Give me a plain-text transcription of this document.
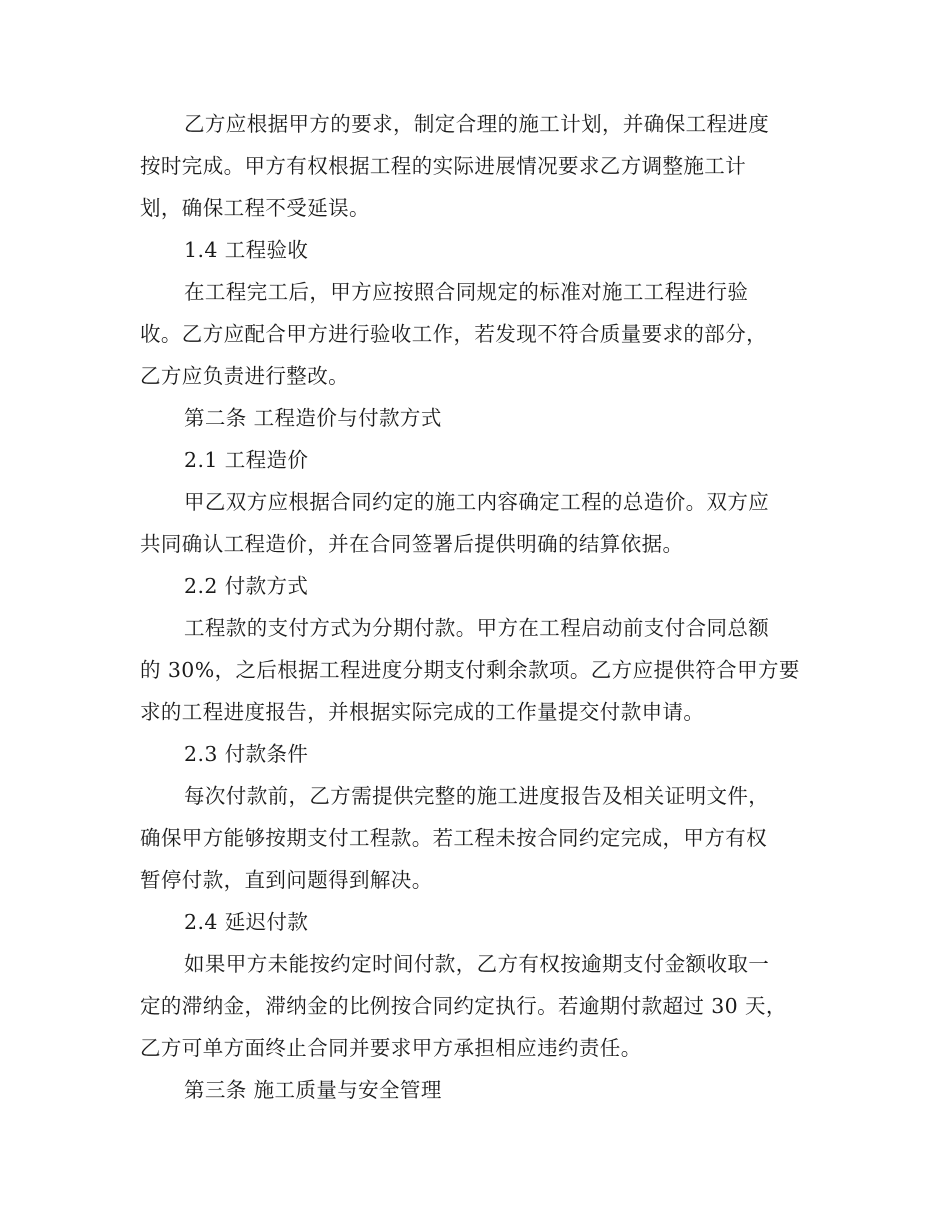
乙方应根据甲方的要求，制定合理的施工计划，并确保工程进度
按时完成。甲方有权根据工程的实际进展情况要求乙方调整施工计
划，确保工程不受延误。

1.4 工程验收

在工程完工后，甲方应按照合同规定的标准对施工工程进行验
收。乙方应配合甲方进行验收工作，若发现不符合质量要求的部分，
乙方应负责进行整改。

第二条 工程造价与付款方式

2.1 工程造价

甲乙双方应根据合同约定的施工内容确定工程的总造价。双方应
共同确认工程造价，并在合同签署后提供明确的结算依据。

2.2 付款方式

工程款的支付方式为分期付款。甲方在工程启动前支付合同总额
的 30%，之后根据工程进度分期支付剩余款项。乙方应提供符合甲方要
求的工程进度报告，并根据实际完成的工作量提交付款申请。

2.3 付款条件

每次付款前，乙方需提供完整的施工进度报告及相关证明文件，
确保甲方能够按期支付工程款。若工程未按合同约定完成，甲方有权
暂停付款，直到问题得到解决。

2.4 延迟付款

如果甲方未能按约定时间付款，乙方有权按逾期支付金额收取一
定的滞纳金，滞纳金的比例按合同约定执行。若逾期付款超过 30 天，
乙方可单方面终止合同并要求甲方承担相应违约责任。

第三条 施工质量与安全管理
